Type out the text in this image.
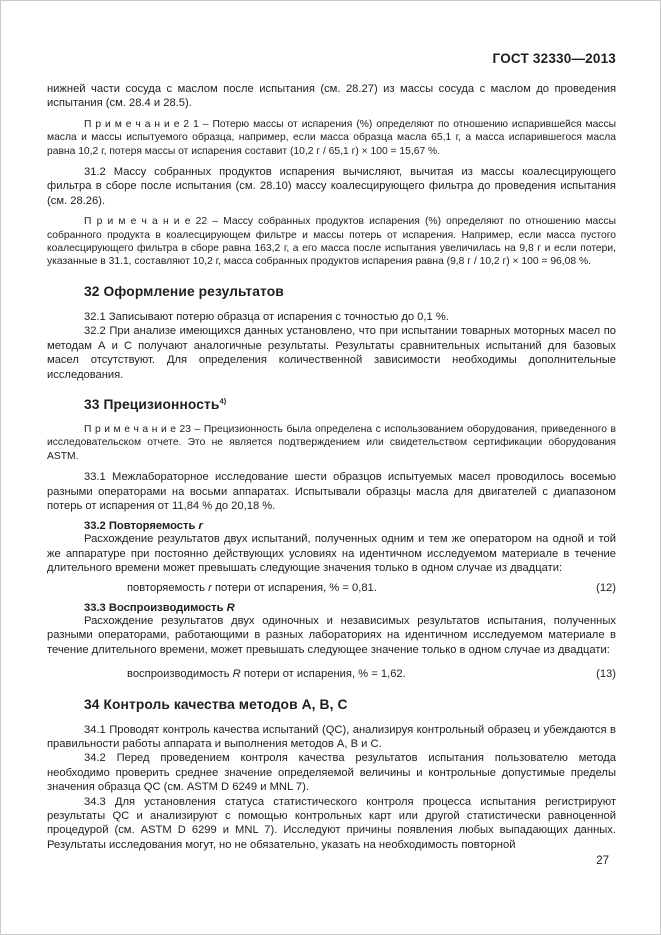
ГОСТ 32330—2013

нижней части сосуда с маслом после испытания (см. 28.27) из массы сосуда с маслом до проведения испытания (см. 28.4 и 28.5).

П р и м е ч а н и е 2 1 – Потерю массы от испарения (%) определяют по отношению испарившейся массы масла и массы испытуемого образца, например, если масса образца масла 65,1 г, а масса испарившегося масла равна 10,2 г, потеря массы от испарения составит (10,2 г / 65,1 г) × 100 = 15,67 %.

31.2 Массу собранных продуктов испарения вычисляют, вычитая из массы коалесцирующего фильтра в сборе после испытания (см. 28.10) массу коалесцирующего фильтра до проведения испытания (см. 28.26).

П р и м е ч а н и е 22 – Массу собранных продуктов испарения (%) определяют по отношению массы собранного продукта в коалесцирующем фильтре и массы потерь от испарения. Например, если масса пустого коалесцирующего фильтра в сборе равна 163,2 г, а его масса после испытания увеличилась на 9,8 г и если потери, указанные в 31.1, составляют 10,2 г, масса собранных продуктов испарения равна (9,8 г / 10,2 г) × 100 = 96,08 %.

32 Оформление результатов

32.1 Записывают потерю образца от испарения с точностью до 0,1 %.

32.2 При анализе имеющихся данных установлено, что при испытании товарных моторных масел по методам А и С получают аналогичные результаты. Результаты сравнительных испытаний для базовых масел отсутствуют. Для определения количественной зависимости необходимы дополнительные исследования.

33 Прецизионность$^{4)}$

П р и м е ч а н и е 23 – Прецизионность была определена с использованием оборудования, приведенного в исследовательском отчете. Это не является подтверждением или свидетельством сертификации оборудования ASTM.

33.1 Межлабораторное исследование шести образцов испытуемых масел проводилось восемью разными операторами на восьми аппаратах. Испытывали образцы масла для двигателей с диапазоном потерь от испарения от 11,84 % до 20,18 %.

33.2 Повторяемость r

Расхождение результатов двух испытаний, полученных одним и тем же оператором на одной и той же аппаратуре при постоянно действующих условиях на идентичном исследуемом материале в течение длительного времени может превышать следующие значения только в одном случае из двадцати:

повторяемость r потери от испарения, % = 0,81.	(12)
33.3 Воспроизводимость R

Расхождение результатов двух одиночных и независимых результатов испытания, полученных разными операторами, работающими в разных лабораториях на идентичном исследуемом материале в течение длительного времени, может превышать следующее значение только в одном случае из двадцати:

воспроизводимость R потери от испарения, % = 1,62.	(13)
34 Контроль качества методов А, В, С

34.1 Проводят контроль качества испытаний (QC), анализируя контрольный образец и убеждаются в правильности работы аппарата и выполнения методов А, В и С.

34.2 Перед проведением контроля качества результатов испытания пользователю метода необходимо проверить среднее значение определяемой величины и контрольные допустимые пределы значения образца QC (см. ASTM D 6249 и MNL 7).

34.3 Для установления статуса статистического контроля процесса испытания регистрируют результаты QC и анализируют с помощью контрольных карт или другой статистически равноценной процедурой (см. ASTM D 6299 и MNL 7). Исследуют причины появления любых выпадающих данных. Результаты исследования могут, но не обязательно, указать на необходимость повторной

27
